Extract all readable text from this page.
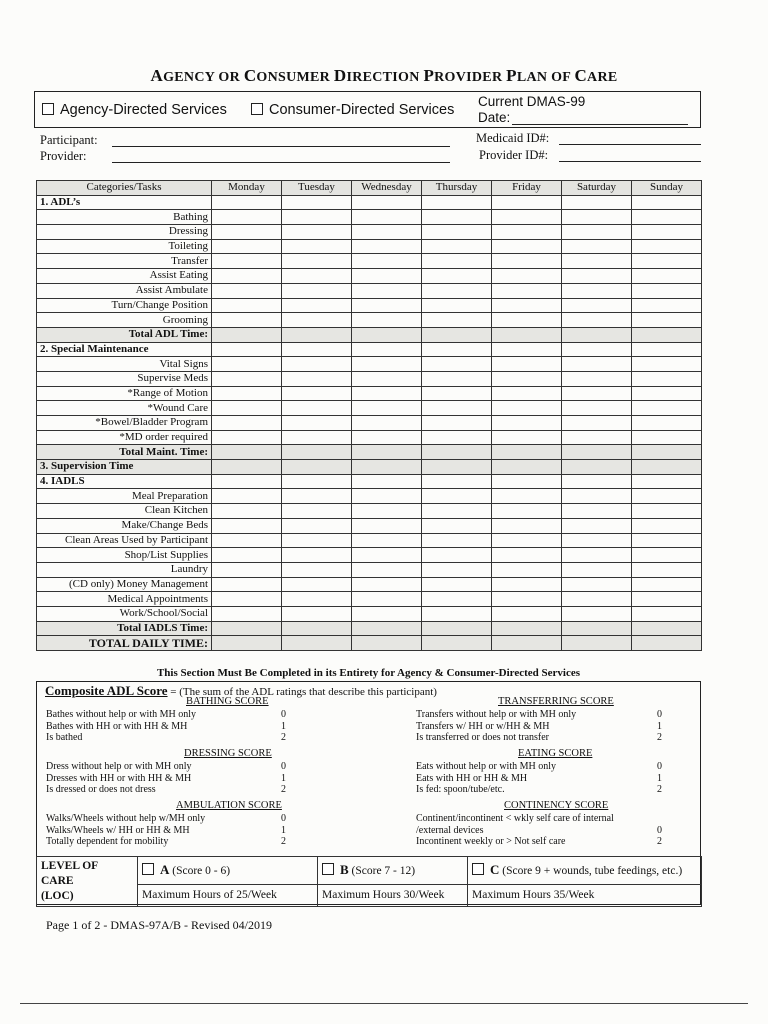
AGENCY OR CONSUMER DIRECTION PROVIDER PLAN OF CARE
Agency-Directed Services	Consumer-Directed Services
Current DMAS-99
Date:
Participant:
Provider:
Medicaid ID#:
Provider ID#:
Categories/Tasks	Monday	Tuesday	Wednesday	Thursday	Friday	Saturday	Sunday
1. ADL’s							
Bathing							
Dressing							
Toileting							
Transfer							
Assist Eating							
Assist Ambulate							
Turn/Change Position							
Grooming							
Total ADL Time:							
2. Special Maintenance							
Vital Signs							
Supervise Meds							
*Range of Motion							
*Wound Care							
*Bowel/Bladder Program							
*MD order required							
Total Maint. Time:							
3. Supervision Time							
4. IADLS							
Meal Preparation							
Clean Kitchen							
Make/Change Beds							
Clean Areas Used by Participant							
Shop/List Supplies							
Laundry							
(CD only) Money Management							
Medical Appointments							
Work/School/Social							
Total IADLS Time:							
TOTAL DAILY TIME:							
This Section Must Be Completed in its Entirety for Agency & Consumer-Directed Services
Composite ADL Score = (The sum of the ADL ratings that describe this participant)
BATHING SCORE
Bathes without help or with MH only	0
Bathes with HH or with HH & MH	1
Is bathed	2
DRESSING SCORE
Dress without help or with MH only	0
Dresses with HH or with HH & MH	1
Is dressed or does not dress	2
AMBULATION SCORE
Walks/Wheels without help w/MH only	0
Walks/Wheels w/ HH or HH & MH	1
Totally dependent for mobility	2
TRANSFERRING SCORE
Transfers without help or with MH only	0
Transfers w/ HH or w/HH & MH	1
Is transferred or does not transfer	2
EATING SCORE
Eats without help or with MH only	0
Eats with HH or HH & MH	1
Is fed: spoon/tube/etc.	2
CONTINENCY SCORE
Continent/incontinent < wkly self care of internal
/external devices	0
Incontinent weekly or > Not self care	2
LEVEL OF CARE
(LOC)	A (Score 0 - 6)	B (Score 7 - 12)	C (Score 9 + wounds, tube feedings, etc.)
	Maximum Hours of 25/Week	Maximum Hours 30/Week	Maximum Hours 35/Week
Page 1 of 2 - DMAS-97A/B - Revised 04/2019
